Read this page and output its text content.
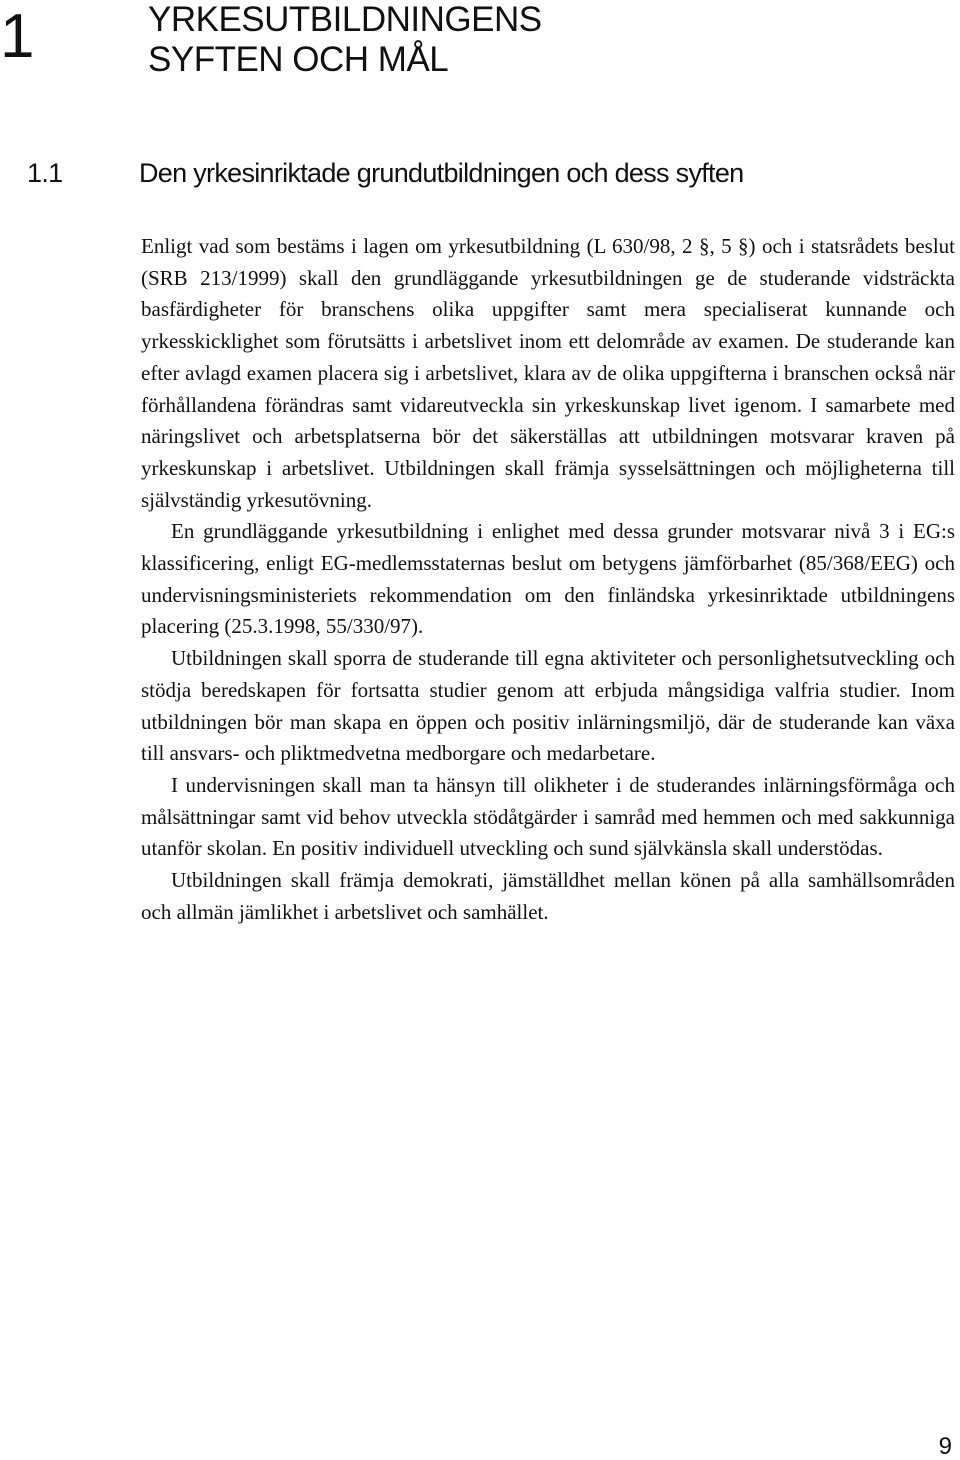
1	YRKESUTBILDNINGENS
SYFTEN OCH MÅL
1.1	Den yrkesinriktade grundutbildningen och dess syften

Enligt vad som bestäms i lagen om yrkesutbildning (L 630/98, 2 §, 5 §) och i statsrådets beslut (SRB 213/1999) skall den grundläggande yrkesutbildningen ge de studerande vidsträckta basfärdigheter för branschens olika uppgifter samt mera specialiserat kunnande och yrkesskicklighet som förutsätts i arbetslivet inom ett delområde av examen. De studerande kan efter avlagd examen placera sig i arbetslivet, klara av de olika uppgifterna i branschen också när förhållandena förändras samt vidareutveckla sin yrkeskunskap livet igenom. I samarbete med näringslivet och arbetsplatserna bör det säkerställas att utbildningen motsvarar kraven på yrkeskunskap i arbetslivet. Utbildningen skall främja sysselsättningen och möjligheterna till självständig yrkesutövning.

En grundläggande yrkesutbildning i enlighet med dessa grunder motsvarar nivå 3 i EG:s klassificering, enligt EG-medlemsstaternas beslut om betygens jämförbarhet (85/368/EEG) och undervisningsministeriets rekommendation om den finländska yrkesinriktade utbildningens placering (25.3.1998, 55/330/97).

Utbildningen skall sporra de studerande till egna aktiviteter och personlighetsutveckling och stödja beredskapen för fortsatta studier genom att erbjuda mångsidiga valfria studier. Inom utbildningen bör man skapa en öppen och positiv inlärningsmiljö, där de studerande kan växa till ansvars- och pliktmedvetna medborgare och medarbetare.

I undervisningen skall man ta hänsyn till olikheter i de studerandes inlärningsförmåga och målsättningar samt vid behov utveckla stödåtgärder i samråd med hemmen och med sakkunniga utanför skolan. En positiv individuell utveckling och sund självkänsla skall understödas.

Utbildningen skall främja demokrati, jämställdhet mellan könen på alla samhällsområden och allmän jämlikhet i arbetslivet och samhället.

9
